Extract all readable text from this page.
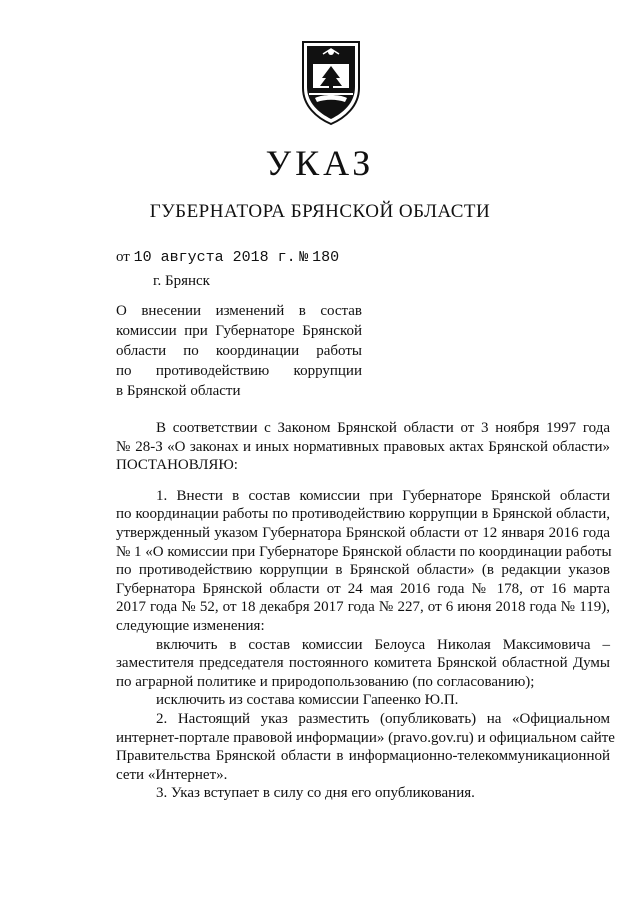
УКАЗ
ГУБЕРНАТОРА БРЯНСКОЙ ОБЛАСТИ
от 10 августа 2018 г. № 180
г. Брянск
О внесении изменений в состав
комиссии при Губернаторе Брянской
области по координации работы
по противодействию коррупции
в Брянской области
В соответствии с Законом Брянской области от 3 ноября 1997 года
№ 28-З «О законах и иных нормативных правовых актах Брянской области»
ПОСТАНОВЛЯЮ:
1. Внести в состав комиссии при Губернаторе Брянской области
по координации работы по противодействию коррупции в Брянской области,
утвержденный указом Губернатора Брянской области от 12 января 2016 года
№ 1 «О комиссии при Губернаторе Брянской области по координации работы
по противодействию коррупции в Брянской области» (в редакции указов
Губернатора Брянской области от 24 мая 2016 года № 178, от 16 марта
2017 года № 52, от 18 декабря 2017 года № 227, от 6 июня 2018 года № 119),
следующие изменения:
включить в состав комиссии Белоуса Николая Максимовича –
заместителя председателя постоянного комитета Брянской областной Думы
по аграрной политике и природопользованию (по согласованию);
исключить из состава комиссии Гапеенко Ю.П.
2. Настоящий указ разместить (опубликовать) на «Официальном
интернет-портале правовой информации» (pravo.gov.ru) и официальном сайте
Правительства Брянской области в информационно-телекоммуникационной
сети «Интернет».
3. Указ вступает в силу со дня его опубликования.
